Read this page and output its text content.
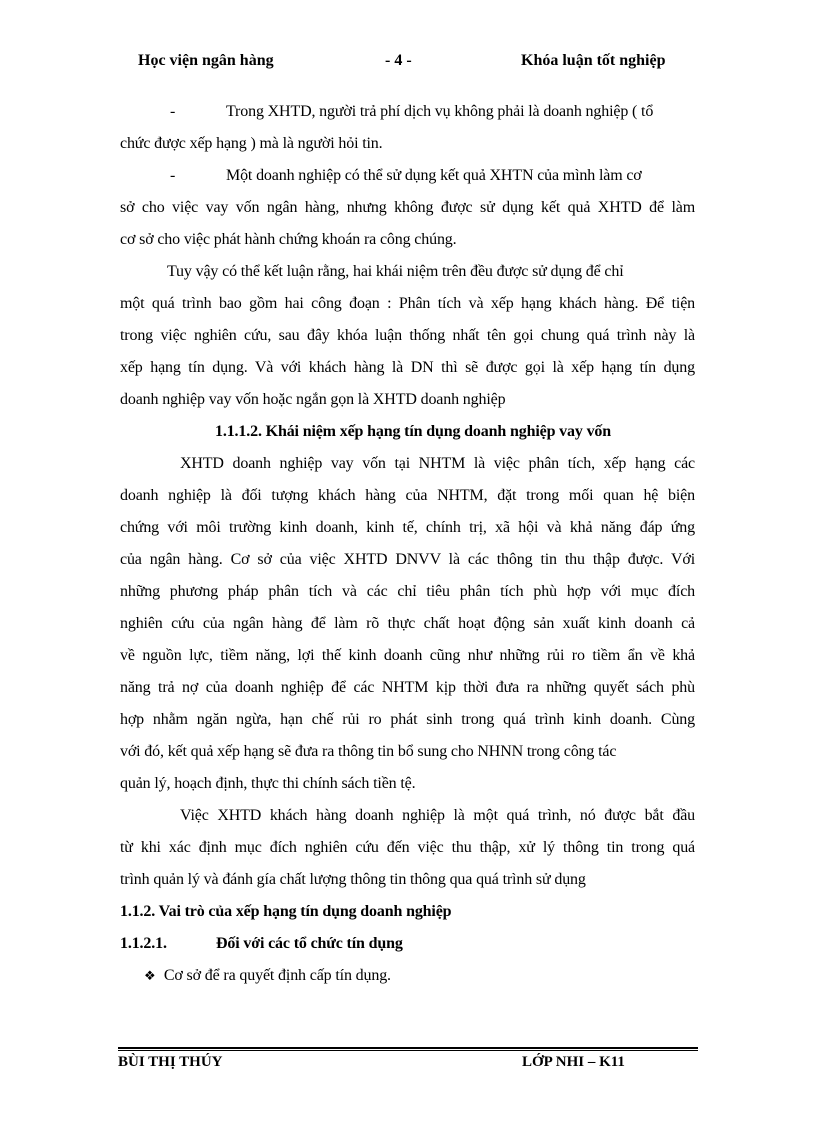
Học viện ngân hàng	- 4 -	Khóa luận tốt nghiệp
-	Trong XHTD, người trả phí dịch vụ không phải là doanh nghiệp ( tổ
chức được xếp hạng ) mà là người hỏi tin.
-	Một doanh nghiệp có thể sử dụng kết quả XHTN của mình làm cơ
sở cho việc vay vốn ngân hàng, nhưng không được sử dụng kết quả XHTD để làm
cơ sở cho việc phát hành chứng khoán ra công chúng.
Tuy vậy có thể kết luận rằng, hai khái niệm trên đều được sử dụng để chỉ
một quá trình bao gồm hai công đoạn : Phân tích và xếp hạng khách hàng. Để tiện
trong việc nghiên cứu, sau đây khóa luận thống nhất tên gọi chung quá trình này là
xếp hạng tín dụng. Và với khách hàng là DN thì sẽ được gọi là xếp hạng tín dụng
doanh nghiệp vay vốn hoặc ngắn gọn là XHTD doanh nghiệp
1.1.1.2. Khái niệm xếp hạng tín dụng doanh nghiệp vay vốn
XHTD doanh nghiệp vay vốn tại NHTM là việc phân tích, xếp hạng các
doanh nghiệp là đối tượng khách hàng của NHTM, đặt trong mối quan hệ biện
chứng với môi trường kinh doanh, kinh tế, chính trị, xã hội và khả năng đáp ứng
của ngân hàng. Cơ sở của việc XHTD DNVV là các thông tin thu thập được. Với
những phương pháp phân tích và các chỉ tiêu phân tích phù hợp với mục đích
nghiên cứu của ngân hàng để làm rõ thực chất hoạt động sản xuất kinh doanh cả
về nguồn lực, tiềm năng, lợi thế kinh doanh cũng như những rủi ro tiềm ẩn về khả
năng trả nợ của doanh nghiệp để các NHTM kịp thời đưa ra những quyết sách phù
hợp nhằm ngăn ngừa, hạn chế rủi ro phát sinh trong quá trình kinh doanh. Cùng
với đó, kết quả xếp hạng sẽ đưa ra thông tin bổ sung cho NHNN trong công tác
quản lý, hoạch định, thực thi chính sách tiền tệ.
Việc XHTD khách hàng doanh nghiệp là một quá trình, nó được bắt đầu
từ khi xác định mục đích nghiên cứu đến việc thu thập, xử lý thông tin trong quá
trình quản lý và đánh gía chất lượng thông tin thông qua quá trình sử dụng
1.1.2. Vai trò của xếp hạng tín dụng doanh nghiệp
1.1.2.1.	Đối với các tổ chức tín dụng
❖ Cơ sở để ra quyết định cấp tín dụng.
BÙI THỊ THÚY	LỚP NHI – K11
